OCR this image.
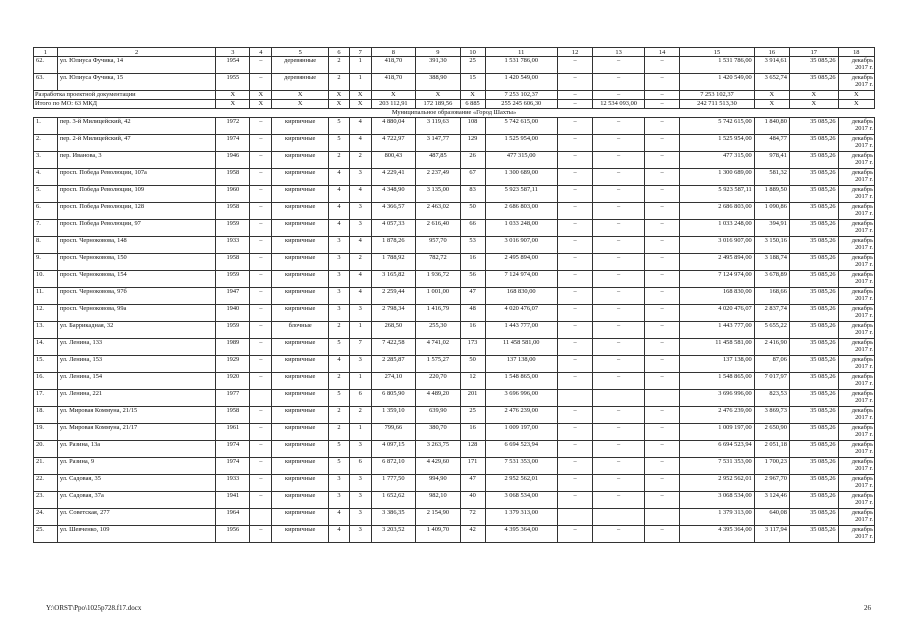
1	2	3	4	5	6	7	8	9	10	11	12	13	14	15	16	17	18
62.	ул. Юлиуса Фучика, 14	1954	–	деревянные	2	1	418,70	391,30	25	1 531 786,00	–	–	–	1 531 786,00	3 914,61	35 085,26	декабрь 2017 г.
63.	ул. Юлиуса Фучика, 15	1955	–	деревянные	2	1	418,70	388,90	15	1 420 549,00	–	–	–	1 420 549,00	3 652,74	35 085,26	декабрь 2017 г.
Разработка проектной документации		X	X	X	X	X	X	X	X	7 253 102,37	–	–	–	7 253 102,37	X	X	X
Итого по МО: 63 МКД		X	X	X	X	X	203 112,91	172 189,56	6 885	255 245 606,30	–	12 534 093,00	–	242 711 513,30	X	X	X
Муниципальное образование «Город Шахты»																	
1.	пер. 3-й Милицейский, 42	1972	–	кирпичные	5	4	4 880,04	3 119,63	108	5 742 615,00	–	–	–	5 742 615,00	1 840,80	35 085,26	декабрь 2017 г.
2.	пер. 2-й Милицейский, 47	1974	–	кирпичные	5	4	4 722,97	3 147,77	129	1 525 954,00	–	–	–	1 525 954,00	484,77	35 085,26	декабрь 2017 г.
3.	пер. Иванова, 3	1946	–	кирпичные	2	2	800,43	487,85	26	477 315,00	–	–	–	477 315,00	978,41	35 085,26	декабрь 2017 г.
4.	просп. Победа Революции, 107а	1958	–	кирпичные	4	3	4 229,41	2 237,49	67	1 300 689,00	–	–	–	1 300 689,00	581,32	35 085,26	декабрь 2017 г.
5.	просп. Победа Революции, 109	1960	–	кирпичные	4	4	4 348,90	3 135,00	83	5 923 587,11	–	–	–	5 923 587,11	1 889,50	35 085,26	декабрь 2017 г.
6.	просп. Победа Революции, 128	1958	–	кирпичные	4	3	4 366,57	2 463,02	50	2 686 803,00	–	–	–	2 686 803,00	1 090,86	35 085,26	декабрь 2017 г.
7.	просп. Победа Революции, 97	1959	–	кирпичные	4	3	4 057,33	2 616,40	66	1 033 248,00	–	–	–	1 033 248,00	394,91	35 085,26	декабрь 2017 г.
8.	просп. Черноковова, 148	1933	–	кирпичные	3	4	1 878,26	957,70	53	3 016 907,00	–	–	–	3 016 907,00	3 150,16	35 085,26	декабрь 2017 г.
9.	просп. Черноковова, 150	1958	–	кирпичные	3	2	1 788,92	782,72	16	2 495 894,00	–	–	–	2 495 894,00	3 188,74	35 085,26	декабрь 2017 г.
10.	просп. Черноковова, 154	1959	–	кирпичные	3	4	3 165,82	1 936,72	56	7 124 974,00	–	–	–	7 124 974,00	3 678,89	35 085,26	декабрь 2017 г.
11.	просп. Черноковова, 97б	1947	–	кирпичные	3	4	2 259,44	1 001,00	47	168 830,00	–	–	–	168 830,00	168,66	35 085,26	декабрь 2017 г.
12.	просп. Черноковова, 99а	1940	–	кирпичные	3	3	2 798,34	1 416,79	48	4 020 476,07	–	–	–	4 020 476,07	2 837,74	35 085,26	декабрь 2017 г.
13.	ул. Баррикадная, 32	1959	–	блочные	2	1	268,50	255,30	16	1 443 777,00	–	–	–	1 443 777,00	5 655,22	35 085,26	декабрь 2017 г.
14.	ул. Ленина, 133	1989	–	кирпичные	5	7	7 422,58	4 741,02	173	11 458 581,00	–	–	–	11 458 581,00	2 416,90	35 085,26	декабрь 2017 г.
15.	ул. Ленина, 153	1929	–	кирпичные	4	3	2 285,87	1 575,27	50	137 138,00	–	–	–	137 138,00	87,06	35 085,26	декабрь 2017 г.
16.	ул. Ленина, 154	1920	–	кирпичные	2	1	274,10	220,70	12	1 548 865,00	–	–	–	1 548 865,00	7 017,97	35 085,26	декабрь 2017 г.
17.	ул. Ленина, 221	1977		кирпичные	5	6	6 805,90	4 489,20	201	3 696 996,00				3 696 996,00	823,53	35 085,26	декабрь 2017 г.
18.	ул. Мировая Коммуна, 21/15	1958	–	кирпичные	2	2	1 359,10	639,90	25	2 476 239,00	–	–	–	2 476 239,00	3 869,73	35 085,26	декабрь 2017 г.
19.	ул. Мировая Коммуна, 21/17	1961	–	кирпичные	2	1	799,66	380,70	16	1 009 197,00	–	–	–	1 009 197,00	2 650,90	35 085,26	декабрь 2017 г.
20.	ул. Разина, 13а	1974	–	кирпичные	5	3	4 097,15	3 263,75	128	6 694 523,94	–	–	–	6 694 523,94	2 051,18	35 085,26	декабрь 2017 г.
21.	ул. Разина, 9	1974	–	кирпичные	5	6	6 872,10	4 429,60	171	7 531 353,00	–	–	–	7 531 353,00	1 700,23	35 085,26	декабрь 2017 г.
22.	ул. Садовая, 35	1933	–	кирпичные	3	3	1 777,50	994,90	47	2 952 562,01	–	–	–	2 952 562,01	2 967,70	35 085,26	декабрь 2017 г.
23.	ул. Садовая, 37а	1941	–	кирпичные	3	3	1 652,62	982,10	40	3 068 534,00	–	–	–	3 068 534,00	3 124,46	35 085,26	декабрь 2017 г.
24.	ул. Советская, 277	1964		кирпичные	4	3	3 386,35	2 154,90	72	1 379 313,00				1 379 313,00	640,08	35 085,26	декабрь 2017 г.
25.	ул. Шевченко, 109	1956	–	кирпичные	4	3	3 203,52	1 409,70	42	4 395 364,00	–	–	–	4 395 364,00	3 117,94	35 085,26	декабрь 2017 г.
Y:\ORST\Ppo\1025p728.f17.docx	26
